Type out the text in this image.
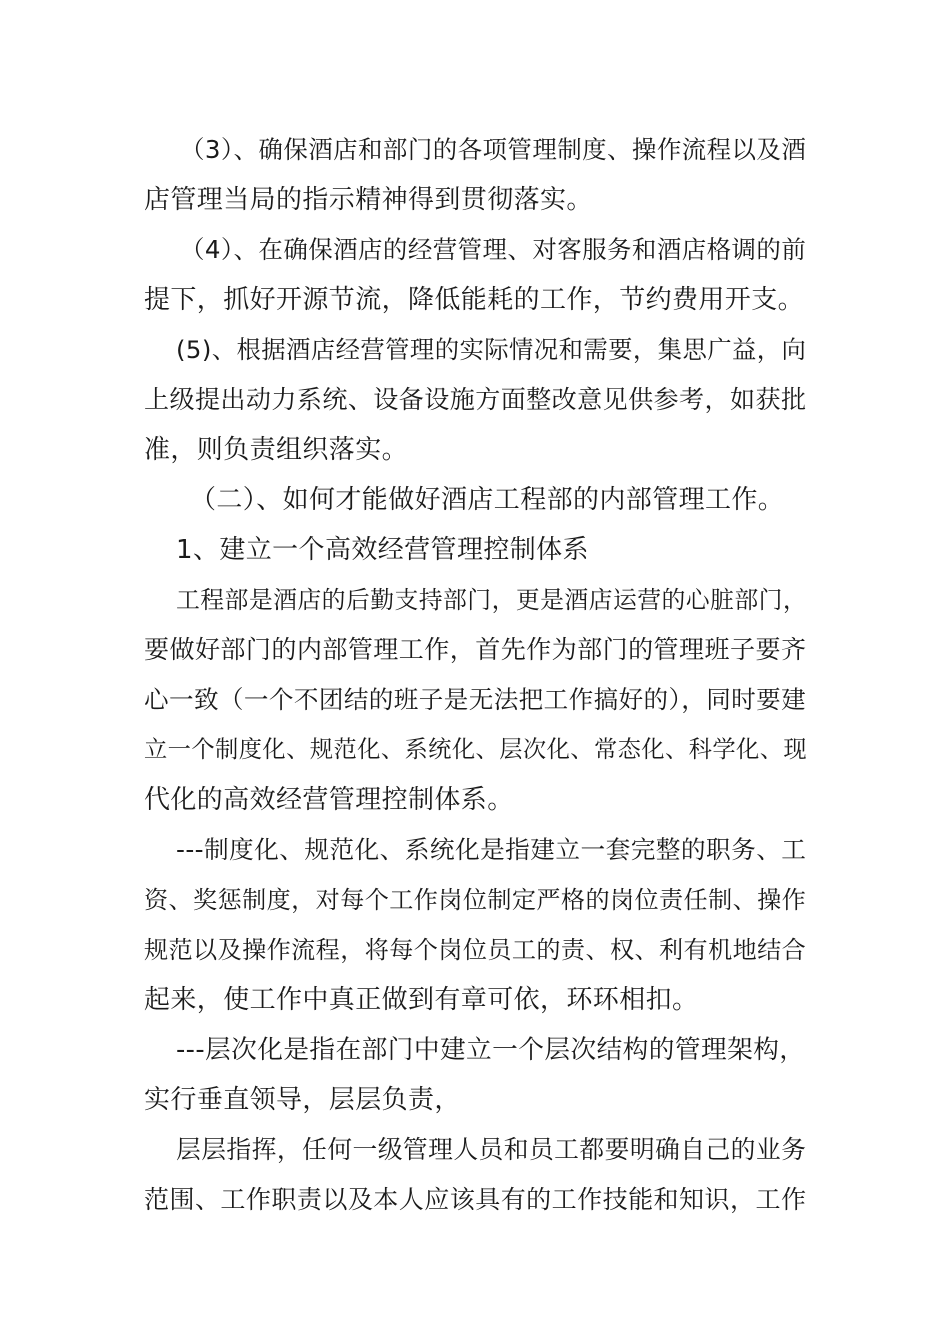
（3）、确保酒店和部门的各项管理制度、操作流程以及酒

店管理当局的指示精神得到贯彻落实。

（4）、在确保酒店的经营管理、对客服务和酒店格调的前

提下，抓好开源节流，降低能耗的工作，节约费用开支。

(5)、根据酒店经营管理的实际情况和需要，集思广益，向

上级提出动力系统、设备设施方面整改意见供参考，如获批

准，则负责组织落实。

（二）、如何才能做好酒店工程部的内部管理工作。

1、建立一个高效经营管理控制体系

工程部是酒店的后勤支持部门，更是酒店运营的心脏部门，

要做好部门的内部管理工作，首先作为部门的管理班子要齐

心一致（一个不团结的班子是无法把工作搞好的），同时要建

立一个制度化、规范化、系统化、层次化、常态化、科学化、现

代化的高效经营管理控制体系。

---制度化、规范化、系统化是指建立一套完整的职务、工

资、奖惩制度，对每个工作岗位制定严格的岗位责任制、操作

规范以及操作流程，将每个岗位员工的责、权、利有机地结合

起来，使工作中真正做到有章可依，环环相扣。

---层次化是指在部门中建立一个层次结构的管理架构，

实行垂直领导，层层负责，

层层指挥，任何一级管理人员和员工都要明确自己的业务

范围、工作职责以及本人应该具有的工作技能和知识，工作
